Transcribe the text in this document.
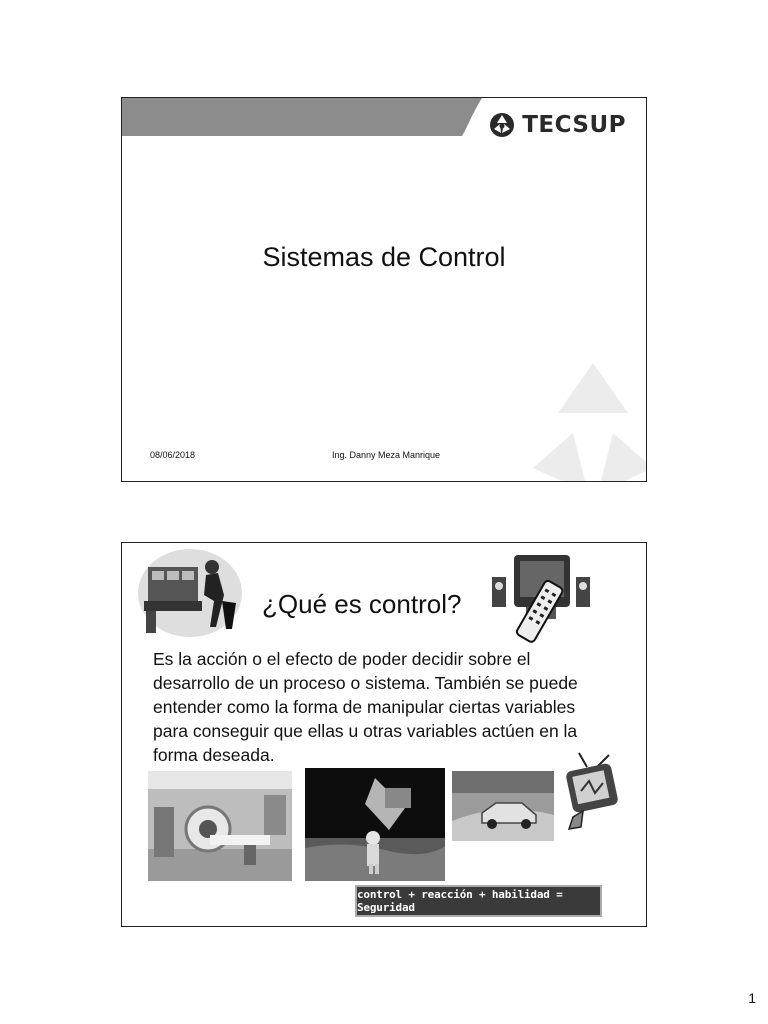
TECSUP
Sistemas de Control
08/06/2018	Ing. Danny Meza Manrique
¿Qué es control?

Es la acción o el efecto de poder decidir sobre el desarrollo de un proceso o sistema. También se puede entender como la forma de manipular ciertas variables para conseguir que ellas u otras variables actúen en la forma deseada.

control + reacción + habilidad = Seguridad
1
